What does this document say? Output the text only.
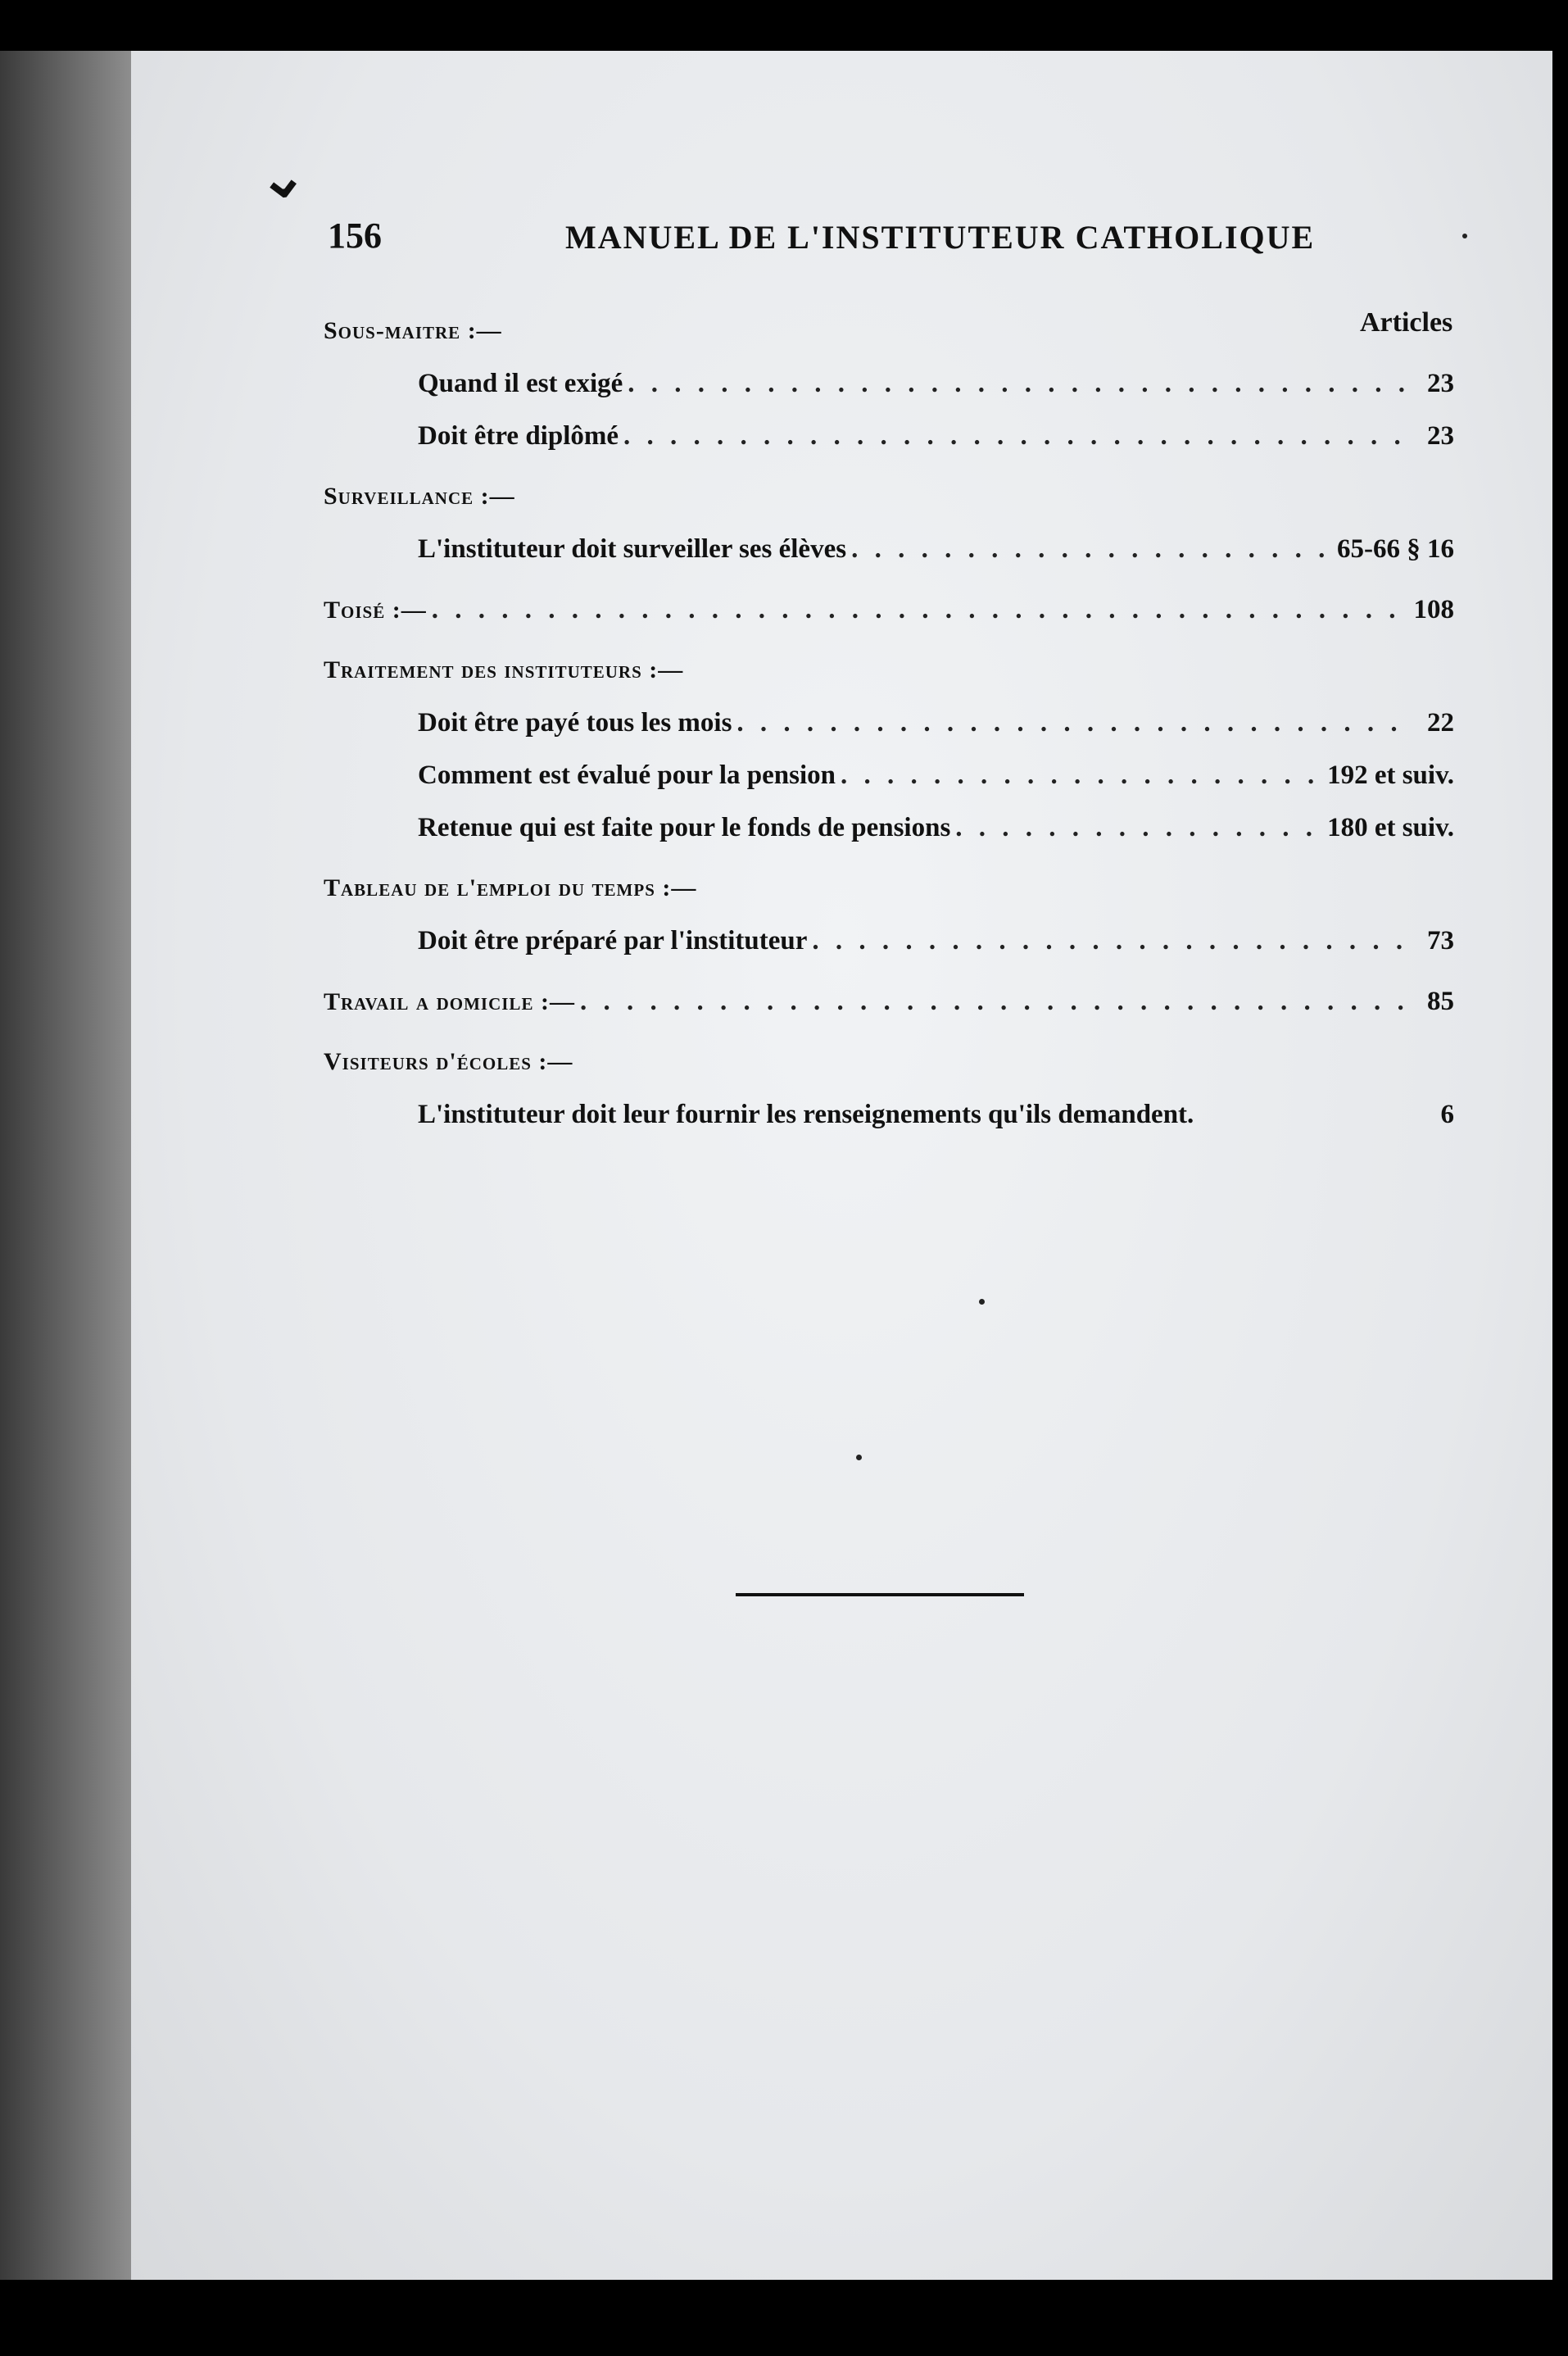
⌄
156	MANUEL DE L'INSTITUTEUR CATHOLIQUE
Articles
Sous-maitre :—
Quand il est exigé . . .	23
Doit être diplômé . . .	23
Surveillance :—
L'instituteur doit surveiller ses élèves . . .	65-66 § 16
Toisé :— . . .	108
Traitement des instituteurs :—
Doit être payé tous les mois . . .	22
Comment est évalué pour la pension . . .	192 et suiv.
Retenue qui est faite pour le fonds de pensions . . .	180 et suiv.
Tableau de l'emploi du temps :—
Doit être préparé par l'instituteur . . .	73
Travail a domicile :— . . .	85
Visiteurs d'écoles :—
L'instituteur doit leur fournir les renseignements qu'ils demandent.	6
